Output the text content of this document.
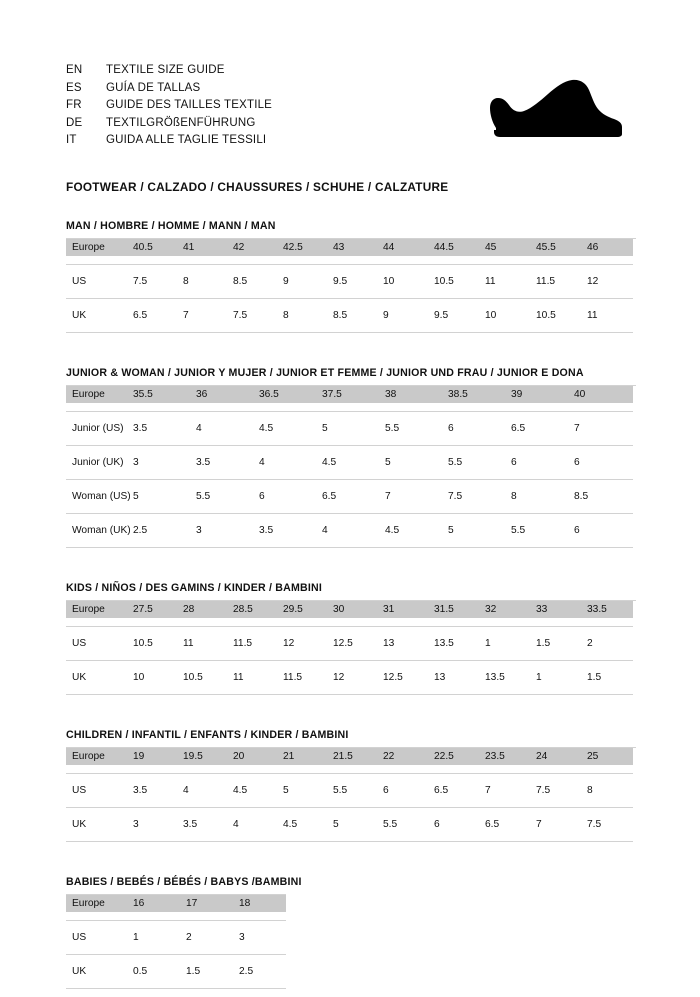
EN	TEXTILE SIZE GUIDE
ES	GUÍA DE TALLAS
FR	GUIDE DES TAILLES TEXTILE
DE	TEXTILGRÖßENFÜHRUNG
IT	GUIDA ALLE TAGLIE TESSILI
FOOTWEAR / CALZADO / CHAUSSURES / SCHUHE / CALZATURE
MAN / HOMBRE / HOMME / MANN / MAN
Europe	40.5	41	42	42.5	43	44	44.5	45	45.5	46

US	7.5	8	8.5	9	9.5	10	10.5	11	11.5	12

UK	6.5	7	7.5	8	8.5	9	9.5	10	10.5	11

JUNIOR & WOMAN / JUNIOR Y MUJER / JUNIOR ET FEMME / JUNIOR UND FRAU / JUNIOR E DONA
Europe	35.5	36	36.5	37.5	38	38.5	39	40

Junior (US)	3.5	4	4.5	5	5.5	6	6.5	7

Junior (UK)	3	3.5	4	4.5	5	5.5	6	6

Woman (US)	5	5.5	6	6.5	7	7.5	8	8.5

Woman (UK)	2.5	3	3.5	4	4.5	5	5.5	6

KIDS / NIÑOS / DES GAMINS / KINDER / BAMBINI
Europe	27.5	28	28.5	29.5	30	31	31.5	32	33	33.5

US	10.5	11	11.5	12	12.5	13	13.5	1	1.5	2

UK	10	10.5	11	11.5	12	12.5	13	13.5	1	1.5

CHILDREN / INFANTIL / ENFANTS / KINDER / BAMBINI
Europe	19	19.5	20	21	21.5	22	22.5	23.5	24	25

US	3.5	4	4.5	5	5.5	6	6.5	7	7.5	8

UK	3	3.5	4	4.5	5	5.5	6	6.5	7	7.5

BABIES / BEBÉS / BÉBÉS / BABYS /BAMBINI
Europe	16	17	18

US	1	2	3

UK	0.5	1.5	2.5
